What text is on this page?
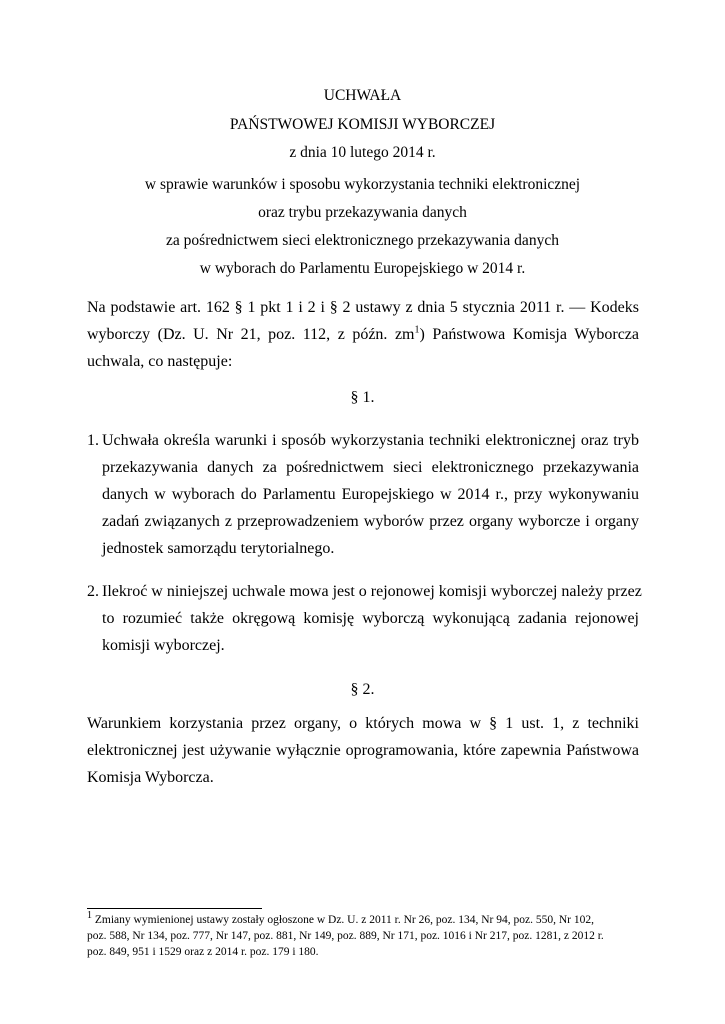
UCHWAŁA
PAŃSTWOWEJ KOMISJI WYBORCZEJ
z dnia 10 lutego 2014 r.
w sprawie warunków i sposobu wykorzystania techniki elektronicznej
oraz trybu przekazywania danych
za pośrednictwem sieci elektronicznego przekazywania danych
w wyborach do Parlamentu Europejskiego w 2014 r.
Na podstawie art. 162 § 1 pkt 1 i 2 i § 2 ustawy z dnia 5 stycznia 2011 r. — Kodeks
wyborczy (Dz. U. Nr 21, poz. 112, z późn. $zm^1$) Państwowa Komisja Wyborcza
uchwala, co następuje:
§ 1.
1. Uchwała określa warunki i sposób wykorzystania techniki elektronicznej oraz tryb
przekazywania danych za pośrednictwem sieci elektronicznego przekazywania
danych w wyborach do Parlamentu Europejskiego w 2014 r., przy wykonywaniu
zadań związanych z przeprowadzeniem wyborów przez organy wyborcze i organy
jednostek samorządu terytorialnego.
2. Ilekroć w niniejszej uchwale mowa jest o rejonowej komisji wyborczej należy przez
to rozumieć także okręgową komisję wyborczą wykonującą zadania rejonowej
komisji wyborczej.
§ 2.
Warunkiem korzystania przez organy, o których mowa w § 1 ust. 1, z techniki
elektronicznej jest używanie wyłącznie oprogramowania, które zapewnia Państwowa
Komisja Wyborcza.
$^1$ Zmiany wymienionej ustawy zostały ogłoszone w Dz. U. z 2011 r. Nr 26, poz. 134, Nr 94, poz. 550, Nr 102,
poz. 588, Nr 134, poz. 777, Nr 147, poz. 881, Nr 149, poz. 889, Nr 171, poz. 1016 i Nr 217, poz. 1281, z 2012 r.
poz. 849, 951 i 1529 oraz z 2014 r. poz. 179 i 180.
